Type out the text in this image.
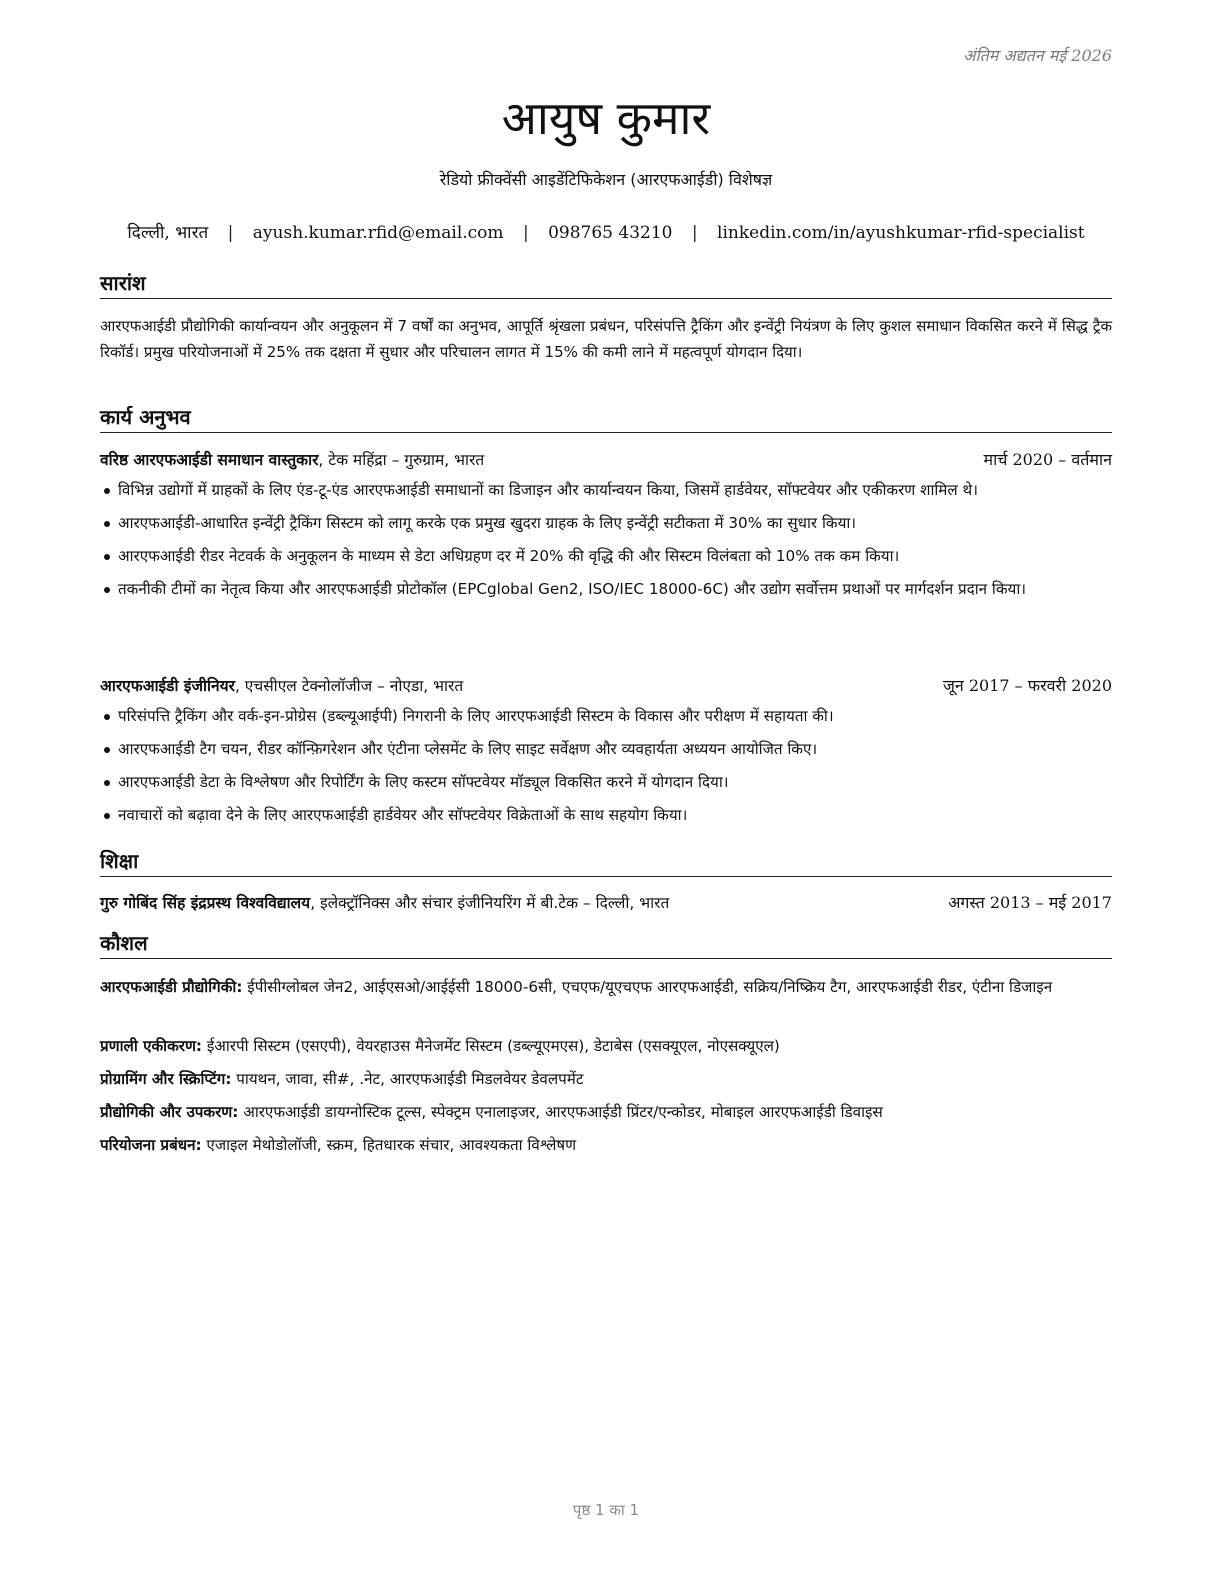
अंतिम अद्यतन मई 2026
आयुष कुमार
रेडियो फ्रीक्वेंसी आइडेंटिफिकेशन (आरएफआईडी) विशेषज्ञ
दिल्ली, भारत | ayush.kumar.rfid@email.com | 098765 43210 | linkedin.com/in/ayushkumar-rfid-specialist
सारांश
आरएफआईडी प्रौद्योगिकी कार्यान्वयन और अनुकूलन में 7 वर्षों का अनुभव, आपूर्ति श्रृंखला प्रबंधन, परिसंपत्ति ट्रैकिंग और इन्वेंट्री नियंत्रण के लिए कुशल समाधान विकसित करने में सिद्ध ट्रैक रिकॉर्ड। प्रमुख परियोजनाओं में 25% तक दक्षता में सुधार और परिचालन लागत में 15% की कमी लाने में महत्वपूर्ण योगदान दिया।
कार्य अनुभव
वरिष्ठ आरएफआईडी समाधान वास्तुकार, टेक महिंद्रा – गुरुग्राम, भारत	मार्च 2020 – वर्तमान
विभिन्न उद्योगों में ग्राहकों के लिए एंड-टू-एंड आरएफआईडी समाधानों का डिजाइन और कार्यान्वयन किया, जिसमें हार्डवेयर, सॉफ्टवेयर और एकीकरण शामिल थे।
आरएफआईडी-आधारित इन्वेंट्री ट्रैकिंग सिस्टम को लागू करके एक प्रमुख खुदरा ग्राहक के लिए इन्वेंट्री सटीकता में 30% का सुधार किया।
आरएफआईडी रीडर नेटवर्क के अनुकूलन के माध्यम से डेटा अधिग्रहण दर में 20% की वृद्धि की और सिस्टम विलंबता को 10% तक कम किया।
तकनीकी टीमों का नेतृत्व किया और आरएफआईडी प्रोटोकॉल (EPCglobal Gen2, ISO/IEC 18000-6C) और उद्योग सर्वोत्तम प्रथाओं पर मार्गदर्शन प्रदान किया।
आरएफआईडी इंजीनियर, एचसीएल टेक्नोलॉजीज – नोएडा, भारत	जून 2017 – फरवरी 2020
परिसंपत्ति ट्रैकिंग और वर्क-इन-प्रोग्रेस (डब्ल्यूआईपी) निगरानी के लिए आरएफआईडी सिस्टम के विकास और परीक्षण में सहायता की।
आरएफआईडी टैग चयन, रीडर कॉन्फ़िगरेशन और एंटीना प्लेसमेंट के लिए साइट सर्वेक्षण और व्यवहार्यता अध्ययन आयोजित किए।
आरएफआईडी डेटा के विश्लेषण और रिपोर्टिंग के लिए कस्टम सॉफ्टवेयर मॉड्यूल विकसित करने में योगदान दिया।
नवाचारों को बढ़ावा देने के लिए आरएफआईडी हार्डवेयर और सॉफ्टवेयर विक्रेताओं के साथ सहयोग किया।
शिक्षा
गुरु गोबिंद सिंह इंद्रप्रस्थ विश्वविद्यालय, इलेक्ट्रॉनिक्स और संचार इंजीनियरिंग में बी.टेक – दिल्ली, भारत	अगस्त 2013 – मई 2017
कौशल
आरएफआईडी प्रौद्योगिकी: ईपीसीग्लोबल जेन2, आईएसओ/आईईसी 18000-6सी, एचएफ/यूएचएफ आरएफआईडी, सक्रिय/निष्क्रिय टैग, आरएफआईडी रीडर, एंटीना डिजाइन
प्रणाली एकीकरण: ईआरपी सिस्टम (एसएपी), वेयरहाउस मैनेजमेंट सिस्टम (डब्ल्यूएमएस), डेटाबेस (एसक्यूएल, नोएसक्यूएल)
प्रोग्रामिंग और स्क्रिप्टिंग: पायथन, जावा, सी#, .नेट, आरएफआईडी मिडलवेयर डेवलपमेंट
प्रौद्योगिकी और उपकरण: आरएफआईडी डायग्नोस्टिक टूल्स, स्पेक्ट्रम एनालाइजर, आरएफआईडी प्रिंटर/एन्कोडर, मोबाइल आरएफआईडी डिवाइस
परियोजना प्रबंधन: एजाइल मेथोडोलॉजी, स्क्रम, हितधारक संचार, आवश्यकता विश्लेषण
पृष्ठ 1 का 1
